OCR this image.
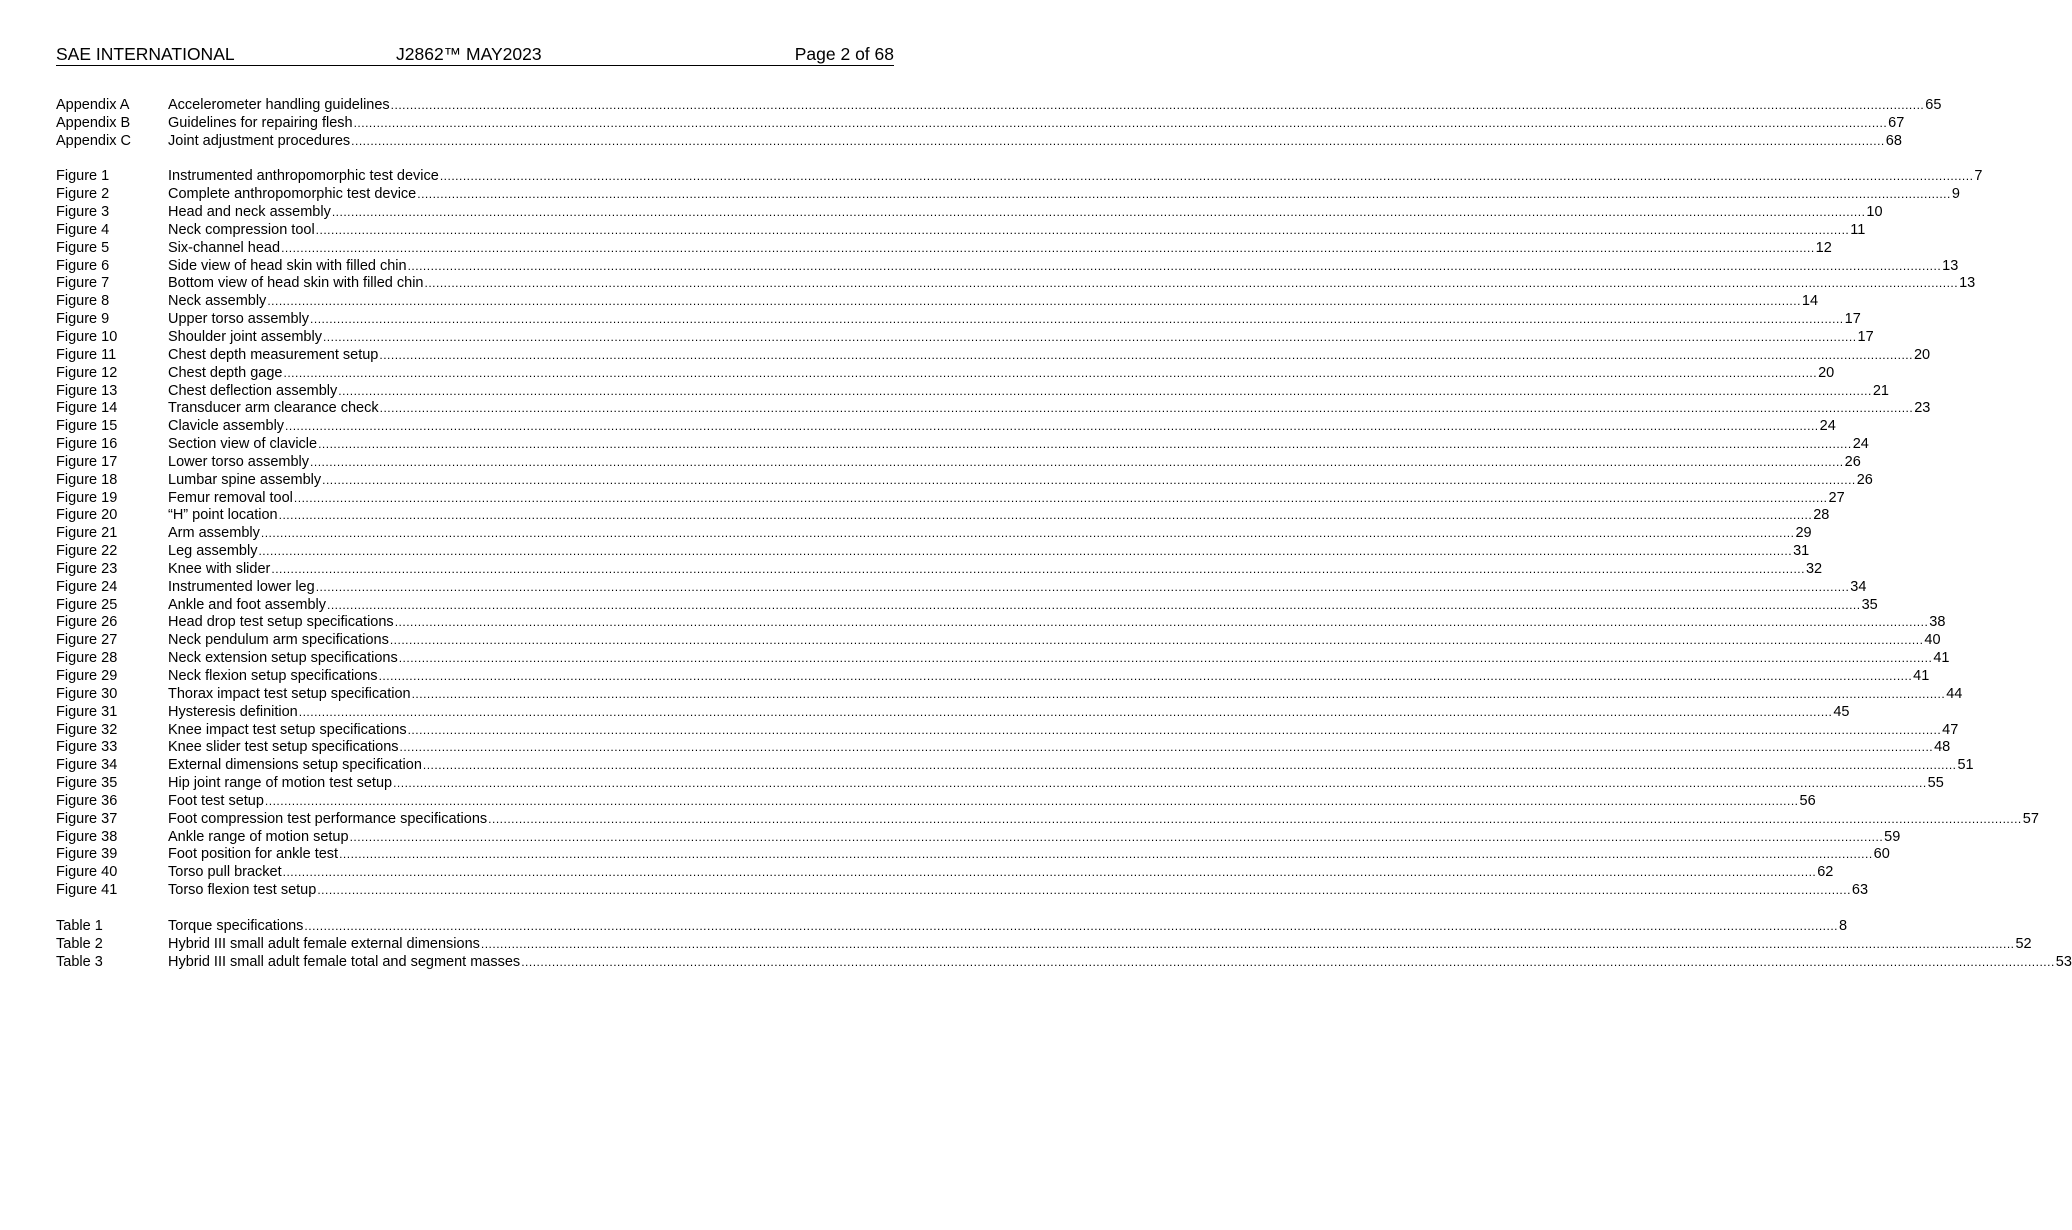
SAE INTERNATIONAL	J2862™ MAY2023	Page 2 of 68
Appendix A	Accelerometer handling guidelines ................................................................................................................................................................................................................................................................................................................................................................................................................ 65
Appendix B	Guidelines for repairing flesh ................................................................................................................................................................................................................................................................................................................................................................................................................ 67
Appendix C	Joint adjustment procedures ................................................................................................................................................................................................................................................................................................................................................................................................................ 68
Figure 1	Instrumented anthropomorphic test device ................................................................................................................................................................................................................................................................................................................................................................................................................ 7
Figure 2	Complete anthropomorphic test device ................................................................................................................................................................................................................................................................................................................................................................................................................ 9
Figure 3	Head and neck assembly ................................................................................................................................................................................................................................................................................................................................................................................................................ 10
Figure 4	Neck compression tool ................................................................................................................................................................................................................................................................................................................................................................................................................ 11
Figure 5	Six-channel head ................................................................................................................................................................................................................................................................................................................................................................................................................ 12
Figure 6	Side view of head skin with filled chin ................................................................................................................................................................................................................................................................................................................................................................................................................ 13
Figure 7	Bottom view of head skin with filled chin ................................................................................................................................................................................................................................................................................................................................................................................................................ 13
Figure 8	Neck assembly ................................................................................................................................................................................................................................................................................................................................................................................................................ 14
Figure 9	Upper torso assembly ................................................................................................................................................................................................................................................................................................................................................................................................................ 17
Figure 10	Shoulder joint assembly ................................................................................................................................................................................................................................................................................................................................................................................................................ 17
Figure 11	Chest depth measurement setup ................................................................................................................................................................................................................................................................................................................................................................................................................ 20
Figure 12	Chest depth gage ................................................................................................................................................................................................................................................................................................................................................................................................................ 20
Figure 13	Chest deflection assembly ................................................................................................................................................................................................................................................................................................................................................................................................................ 21
Figure 14	Transducer arm clearance check ................................................................................................................................................................................................................................................................................................................................................................................................................ 23
Figure 15	Clavicle assembly ................................................................................................................................................................................................................................................................................................................................................................................................................ 24
Figure 16	Section view of clavicle ................................................................................................................................................................................................................................................................................................................................................................................................................ 24
Figure 17	Lower torso assembly ................................................................................................................................................................................................................................................................................................................................................................................................................ 26
Figure 18	Lumbar spine assembly ................................................................................................................................................................................................................................................................................................................................................................................................................ 26
Figure 19	Femur removal tool ................................................................................................................................................................................................................................................................................................................................................................................................................ 27
Figure 20	“H” point location ................................................................................................................................................................................................................................................................................................................................................................................................................ 28
Figure 21	Arm assembly ................................................................................................................................................................................................................................................................................................................................................................................................................ 29
Figure 22	Leg assembly ................................................................................................................................................................................................................................................................................................................................................................................................................ 31
Figure 23	Knee with slider ................................................................................................................................................................................................................................................................................................................................................................................................................ 32
Figure 24	Instrumented lower leg ................................................................................................................................................................................................................................................................................................................................................................................................................ 34
Figure 25	Ankle and foot assembly ................................................................................................................................................................................................................................................................................................................................................................................................................ 35
Figure 26	Head drop test setup specifications ................................................................................................................................................................................................................................................................................................................................................................................................................ 38
Figure 27	Neck pendulum arm specifications ................................................................................................................................................................................................................................................................................................................................................................................................................ 40
Figure 28	Neck extension setup specifications ................................................................................................................................................................................................................................................................................................................................................................................................................ 41
Figure 29	Neck flexion setup specifications ................................................................................................................................................................................................................................................................................................................................................................................................................ 41
Figure 30	Thorax impact test setup specification ................................................................................................................................................................................................................................................................................................................................................................................................................ 44
Figure 31	Hysteresis definition ................................................................................................................................................................................................................................................................................................................................................................................................................ 45
Figure 32	Knee impact test setup specifications ................................................................................................................................................................................................................................................................................................................................................................................................................ 47
Figure 33	Knee slider test setup specifications ................................................................................................................................................................................................................................................................................................................................................................................................................ 48
Figure 34	External dimensions setup specification ................................................................................................................................................................................................................................................................................................................................................................................................................ 51
Figure 35	Hip joint range of motion test setup ................................................................................................................................................................................................................................................................................................................................................................................................................ 55
Figure 36	Foot test setup ................................................................................................................................................................................................................................................................................................................................................................................................................ 56
Figure 37	Foot compression test performance specifications ................................................................................................................................................................................................................................................................................................................................................................................................................ 57
Figure 38	Ankle range of motion setup ................................................................................................................................................................................................................................................................................................................................................................................................................ 59
Figure 39	Foot position for ankle test ................................................................................................................................................................................................................................................................................................................................................................................................................ 60
Figure 40	Torso pull bracket ................................................................................................................................................................................................................................................................................................................................................................................................................ 62
Figure 41	Torso flexion test setup ................................................................................................................................................................................................................................................................................................................................................................................................................ 63
Table 1	Torque specifications ................................................................................................................................................................................................................................................................................................................................................................................................................ 8
Table 2	Hybrid III small adult female external dimensions ................................................................................................................................................................................................................................................................................................................................................................................................................ 52
Table 3	Hybrid III small adult female total and segment masses ................................................................................................................................................................................................................................................................................................................................................................................................................ 53
